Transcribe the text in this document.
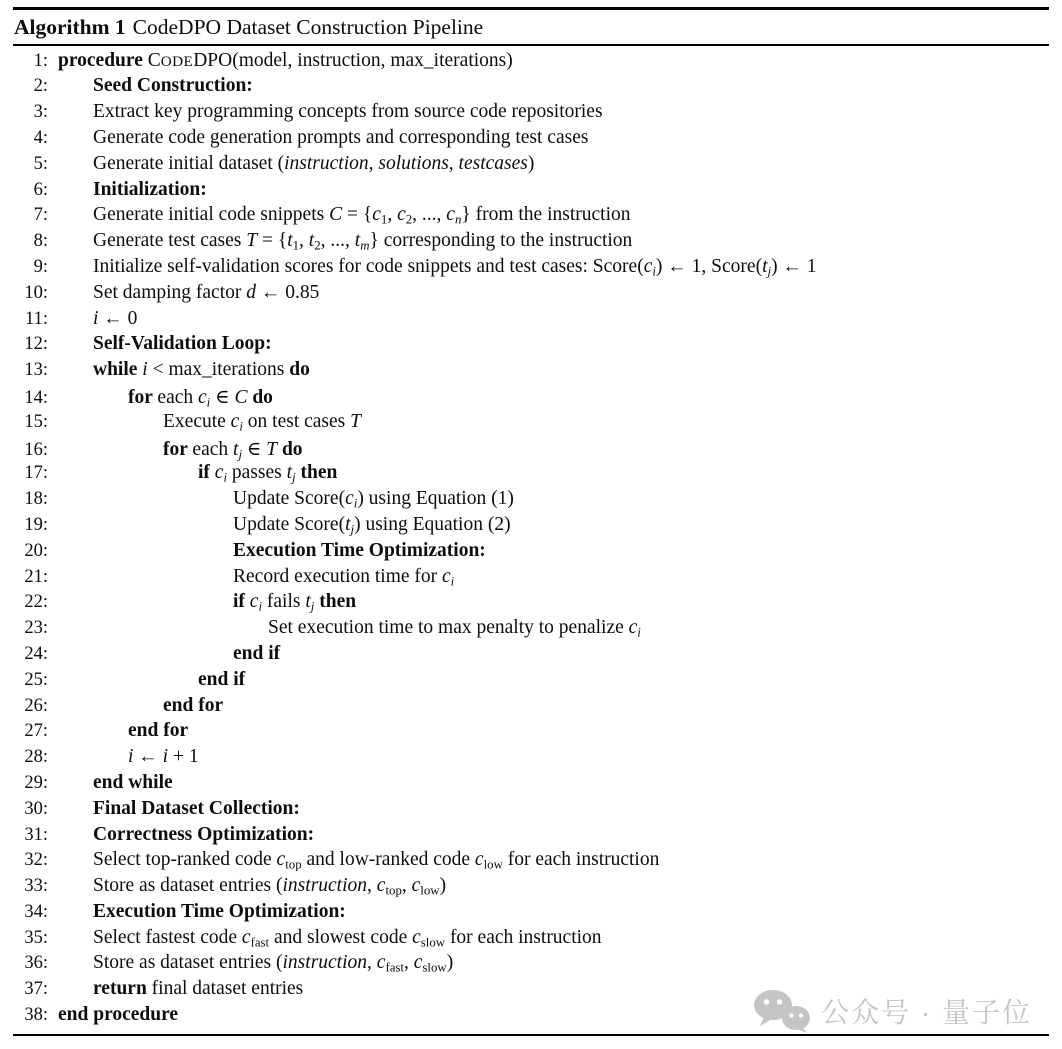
Algorithm 1 CodeDPO Dataset Construction Pipeline
1: procedure CODEDPO(model, instruction, max_iterations)
2:	Seed Construction:
3:	Extract key programming concepts from source code repositories
4:	Generate code generation prompts and corresponding test cases
5:	Generate initial dataset (instruction, solutions, testcases)
6:	Initialization:
7:	Generate initial code snippets $C = \{c_1$, $c_2$, ..., $c_n$} from the instruction
8:	Generate test cases $T = \{t_1$, $t_2$, ..., $t_m$} corresponding to the instruction
9:	Initialize self-validation scores for code snippets and test cases: $Score(c_i)$ ← 1, $Score(t_j)$ ← 1
10:	Set damping factor d ← 0.85
11:	i ← 0
12:	Self-Validation Loop:
13:	while i < max_iterations do
14:	for each $c_i$ ∈ C do
15:	Execute $c_i$ on test cases T
16:	for each $t_j$ ∈ T do
17:	if $c_i$ passes $t_j$ then
18:	Update $Score(c_i)$ using Equation (1)
19:	Update $Score(t_j)$ using Equation (2)
20:	Execution Time Optimization:
21:	Record execution time for $c_i$
22:	if $c_i$ fails $t_j$ then
23:	Set execution time to max penalty to penalize $c_i$
24:	end if
25:	end if
26:	end for
27:	end for
28:	i ← i + 1
29:	end while
30:	Final Dataset Collection:
31:	Correctness Optimization:
32:	Select top-ranked code $c_{top}$ and low-ranked code $c_{low}$ for each instruction
33:	Store as dataset entries (instruction, $c_{top}$, $c_{low}$)
34:	Execution Time Optimization:
35:	Select fastest code $c_{fast}$ and slowest code $c_{slow}$ for each instruction
36:	Store as dataset entries (instruction, $c_{fast}$, $c_{slow}$)
37:	return final dataset entries
38: end procedure	公众号 · 量子位
